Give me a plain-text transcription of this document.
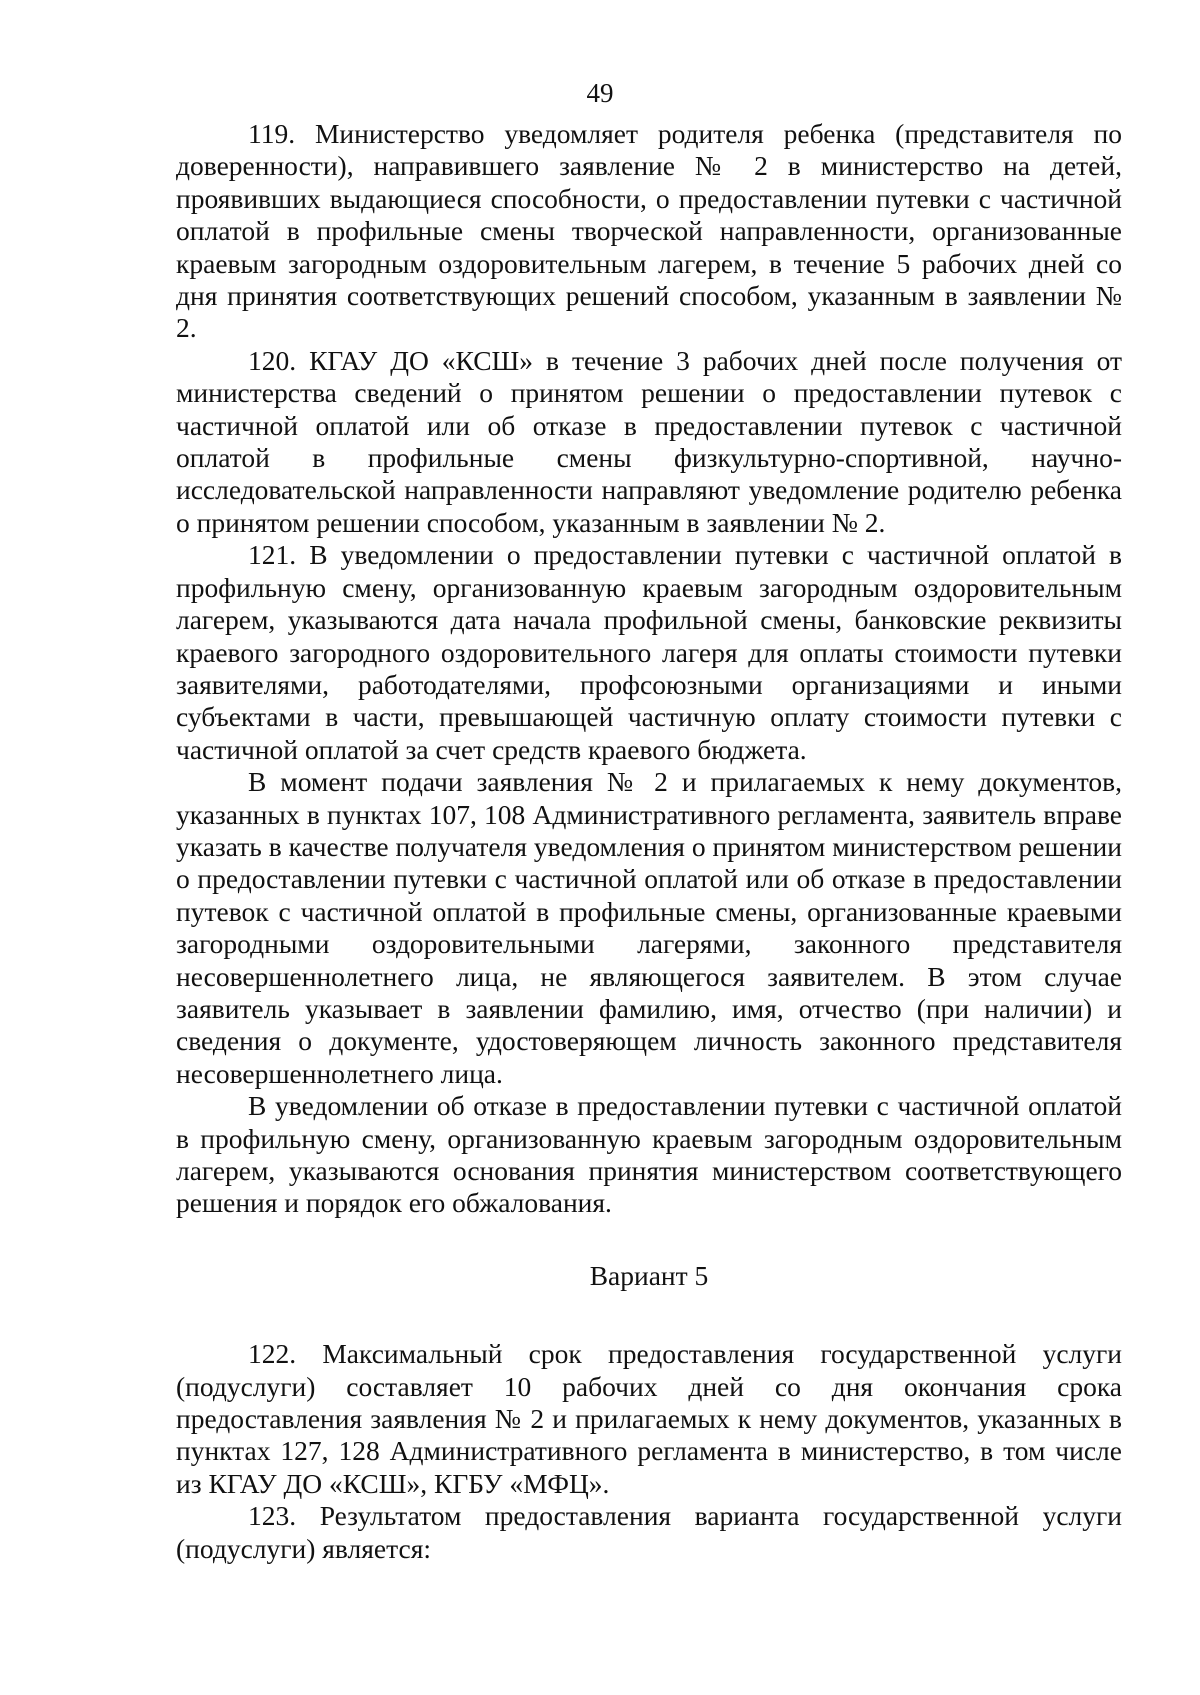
49

119. Министерство уведомляет родителя ребенка (представителя по доверенности), направившего заявление № 2 в министерство на детей, проявивших выдающиеся способности, о предоставлении путевки с частичной оплатой в профильные смены творческой направленности, организованные краевым загородным оздоровительным лагерем, в течение 5 рабочих дней со дня принятия соответствующих решений способом, указанным в заявлении № 2.

120. КГАУ ДО «КСШ» в течение 3 рабочих дней после получения от министерства сведений о принятом решении о предоставлении путевок с частичной оплатой или об отказе в предоставлении путевок с частичной оплатой в профильные смены физкультурно-спортивной, научно-исследовательской направленности направляют уведомление родителю ребенка о принятом решении способом, указанным в заявлении № 2.

121. В уведомлении о предоставлении путевки с частичной оплатой в профильную смену, организованную краевым загородным оздоровительным лагерем, указываются дата начала профильной смены, банковские реквизиты краевого загородного оздоровительного лагеря для оплаты стоимости путевки заявителями, работодателями, профсоюзными организациями и иными субъектами в части, превышающей частичную оплату стоимости путевки с частичной оплатой за счет средств краевого бюджета.

В момент подачи заявления № 2 и прилагаемых к нему документов, указанных в пунктах 107, 108 Административного регламента, заявитель вправе указать в качестве получателя уведомления о принятом министерством решении о предоставлении путевки с частичной оплатой или об отказе в предоставлении путевок с частичной оплатой в профильные смены, организованные краевыми загородными оздоровительными лагерями, законного представителя несовершеннолетнего лица, не являющегося заявителем. В этом случае заявитель указывает в заявлении фамилию, имя, отчество (при наличии) и сведения о документе, удостоверяющем личность законного представителя несовершеннолетнего лица.

В уведомлении об отказе в предоставлении путевки с частичной оплатой в профильную смену, организованную краевым загородным оздоровительным лагерем, указываются основания принятия министерством соответствующего решения и порядок его обжалования.

Вариант 5

122. Максимальный срок предоставления государственной услуги (подуслуги) составляет 10 рабочих дней со дня окончания срока предоставления заявления № 2 и прилагаемых к нему документов, указанных в пунктах 127, 128 Административного регламента в министерство, в том числе из КГАУ ДО «КСШ», КГБУ «МФЦ».

123. Результатом предоставления варианта государственной услуги (подуслуги) является:
